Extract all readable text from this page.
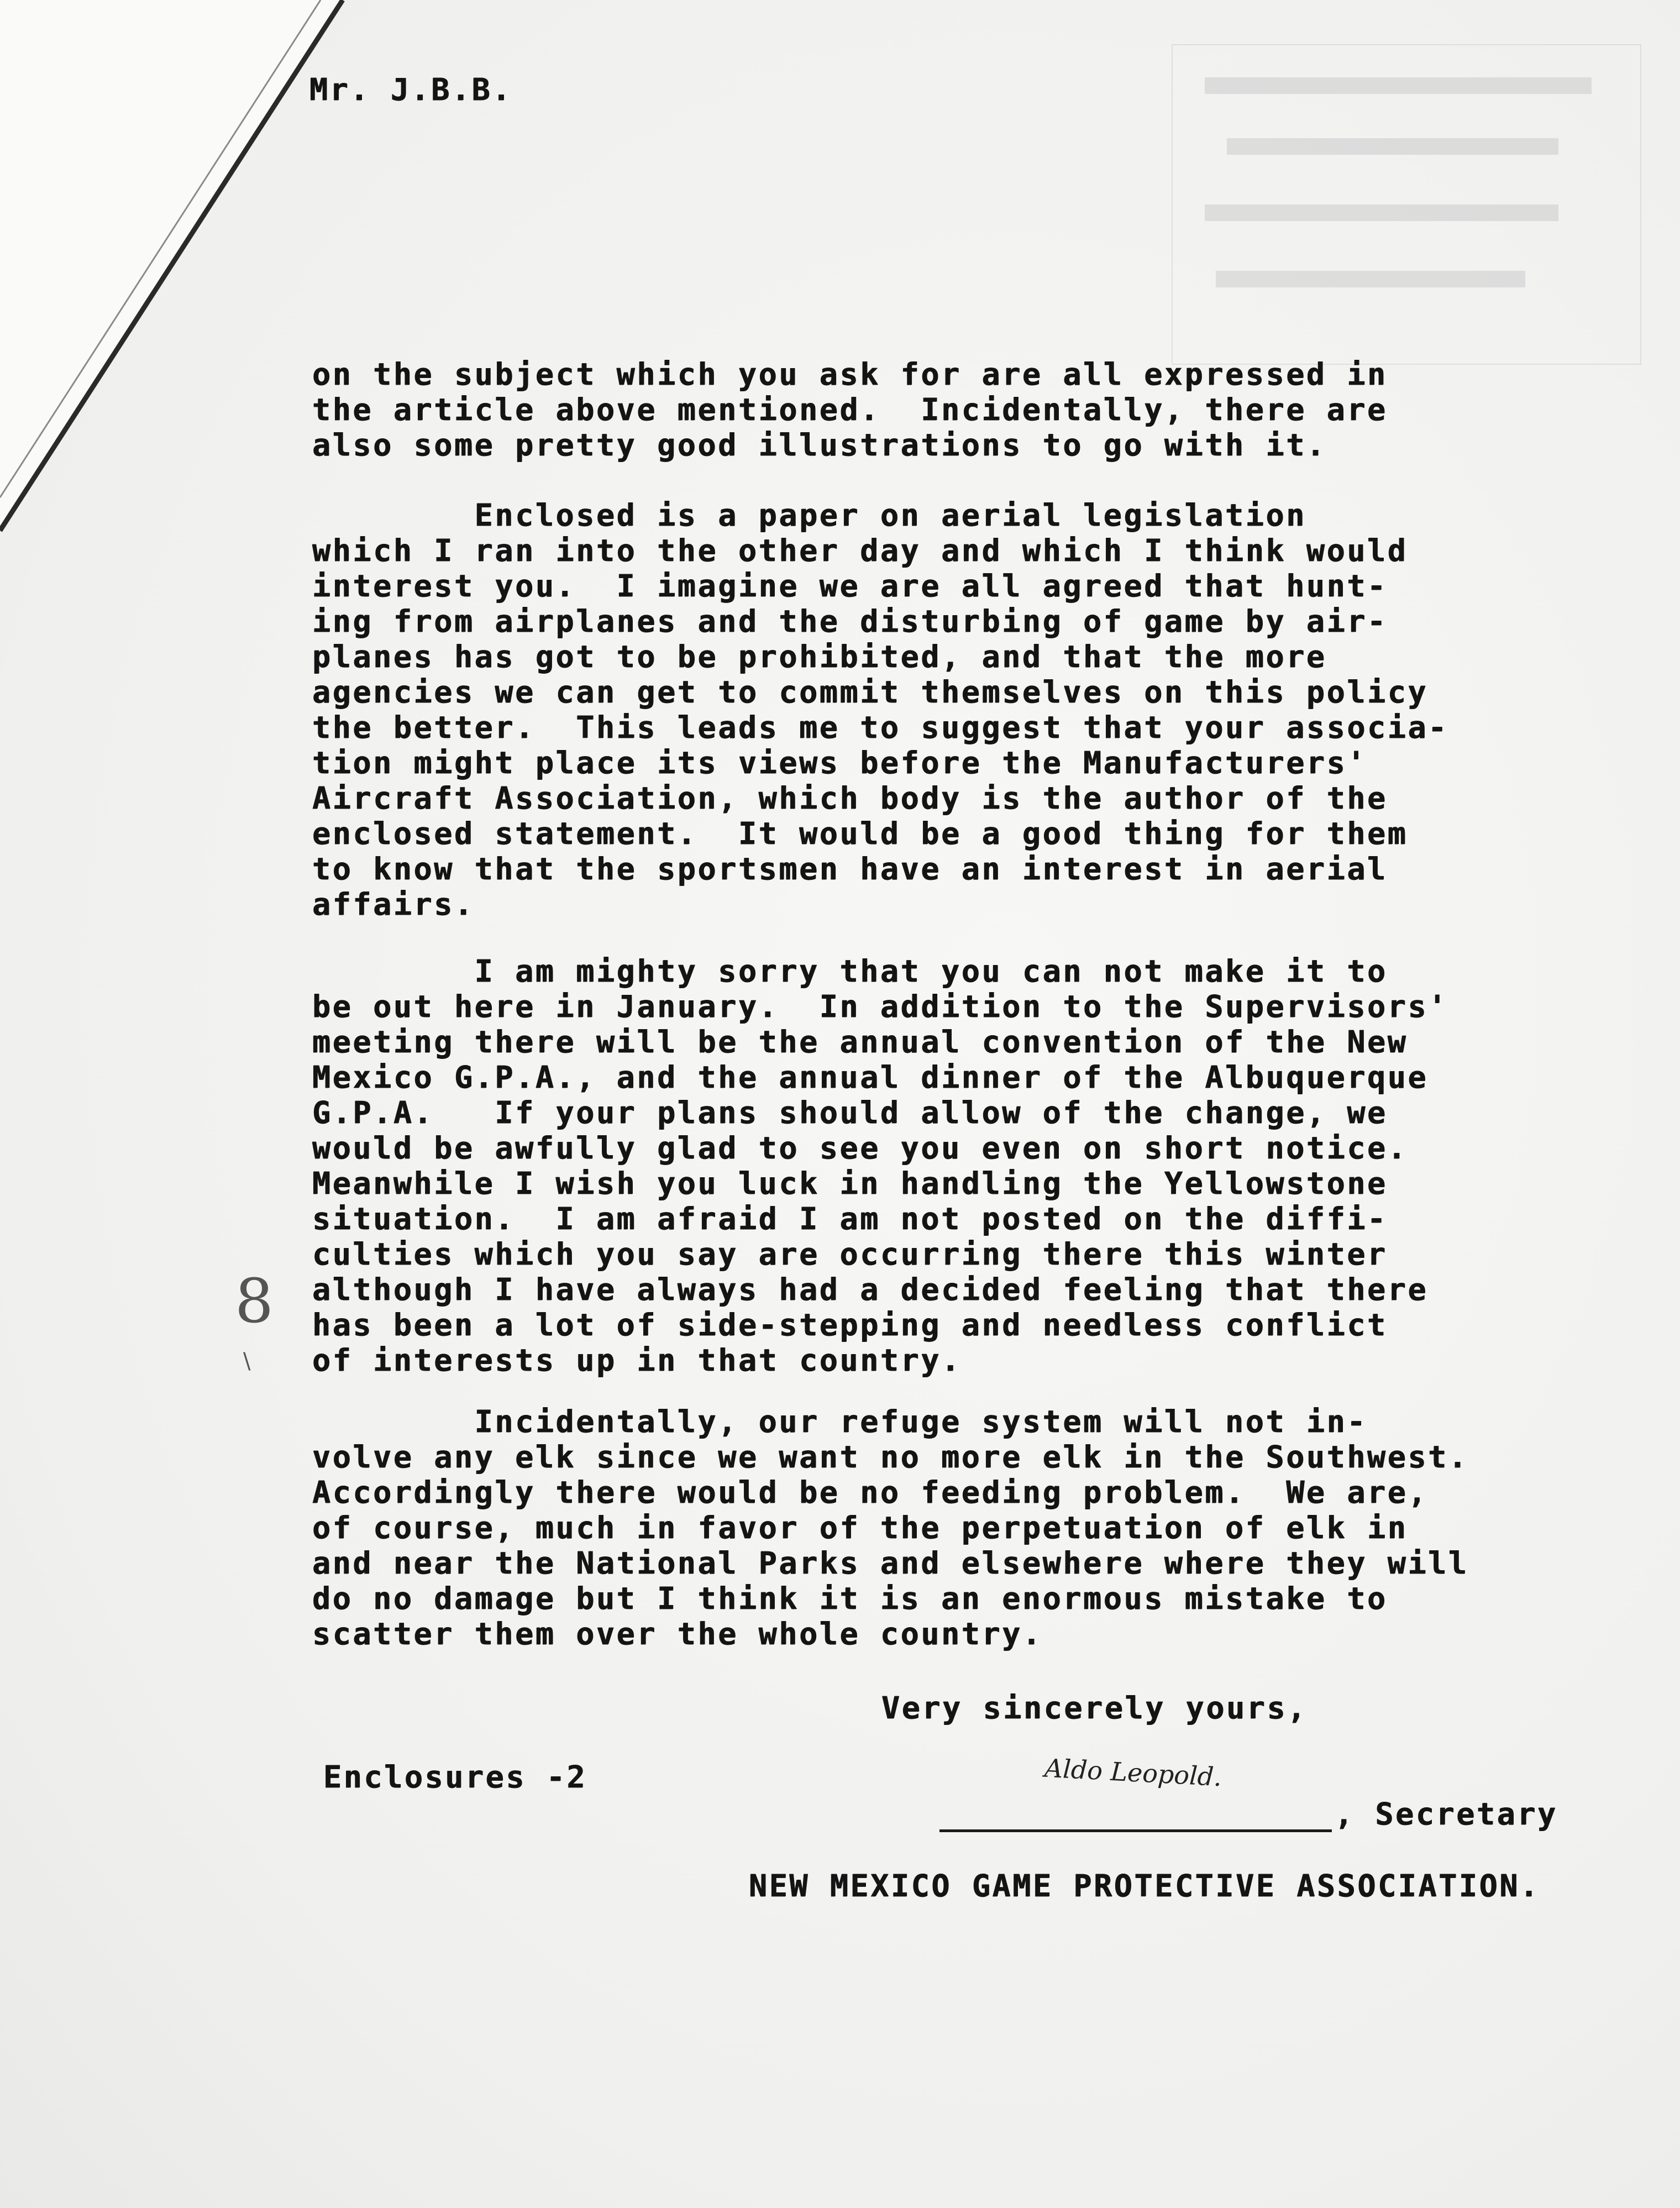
Mr. J.B.B.
on the subject which you ask for are all expressed in
the article above mentioned.  Incidentally, there are
also some pretty good illustrations to go with it.
Enclosed is a paper on aerial legislation
which I ran into the other day and which I think would
interest you.  I imagine we are all agreed that hunt-
ing from airplanes and the disturbing of game by air-
planes has got to be prohibited, and that the more
agencies we can get to commit themselves on this policy
the better.  This leads me to suggest that your associa-
tion might place its views before the Manufacturers'
Aircraft Association, which body is the author of the
enclosed statement.  It would be a good thing for them
to know that the sportsmen have an interest in aerial
affairs.
I am mighty sorry that you can not make it to
be out here in January.  In addition to the Supervisors'
meeting there will be the annual convention of the New
Mexico G.P.A., and the annual dinner of the Albuquerque
G.P.A.   If your plans should allow of the change, we
would be awfully glad to see you even on short notice.
Meanwhile I wish you luck in handling the Yellowstone
situation.  I am afraid I am not posted on the diffi-
culties which you say are occurring there this winter
although I have always had a decided feeling that there
has been a lot of side-stepping and needless conflict
of interests up in that country.
Incidentally, our refuge system will not in-
volve any elk since we want no more elk in the Southwest.
Accordingly there would be no feeding problem.  We are,
of course, much in favor of the perpetuation of elk in
and near the National Parks and elsewhere where they will
do no damage but I think it is an enormous mistake to
scatter them over the whole country.
8
\
Very sincerely yours,
Enclosures -2	Aldo Leopold.
, Secretary
NEW MEXICO GAME PROTECTIVE ASSOCIATION.
